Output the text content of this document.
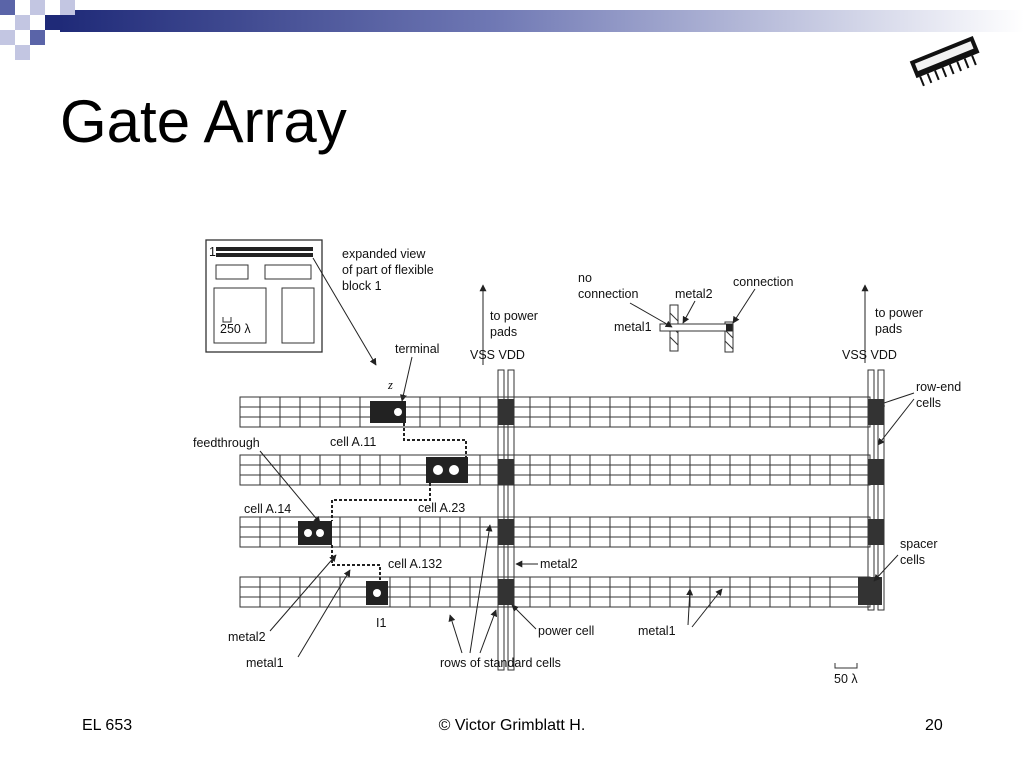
Gate Array
1
250 λ
expanded view
of part of flexible
block 1
to power
pads
VSS VDD
terminal
z
no
connection	metal2
connection
metal1
to power
pads
VSS VDD
row-end
cells
feedthrough	cell A.11
cell A.14	cell A.23
cell A.132	metal2
spacer
cells
I1
metal2
metal1
power cell	metal1
rows of standard cells
50 λ
EL 653	© Victor Grimblatt H.	20
